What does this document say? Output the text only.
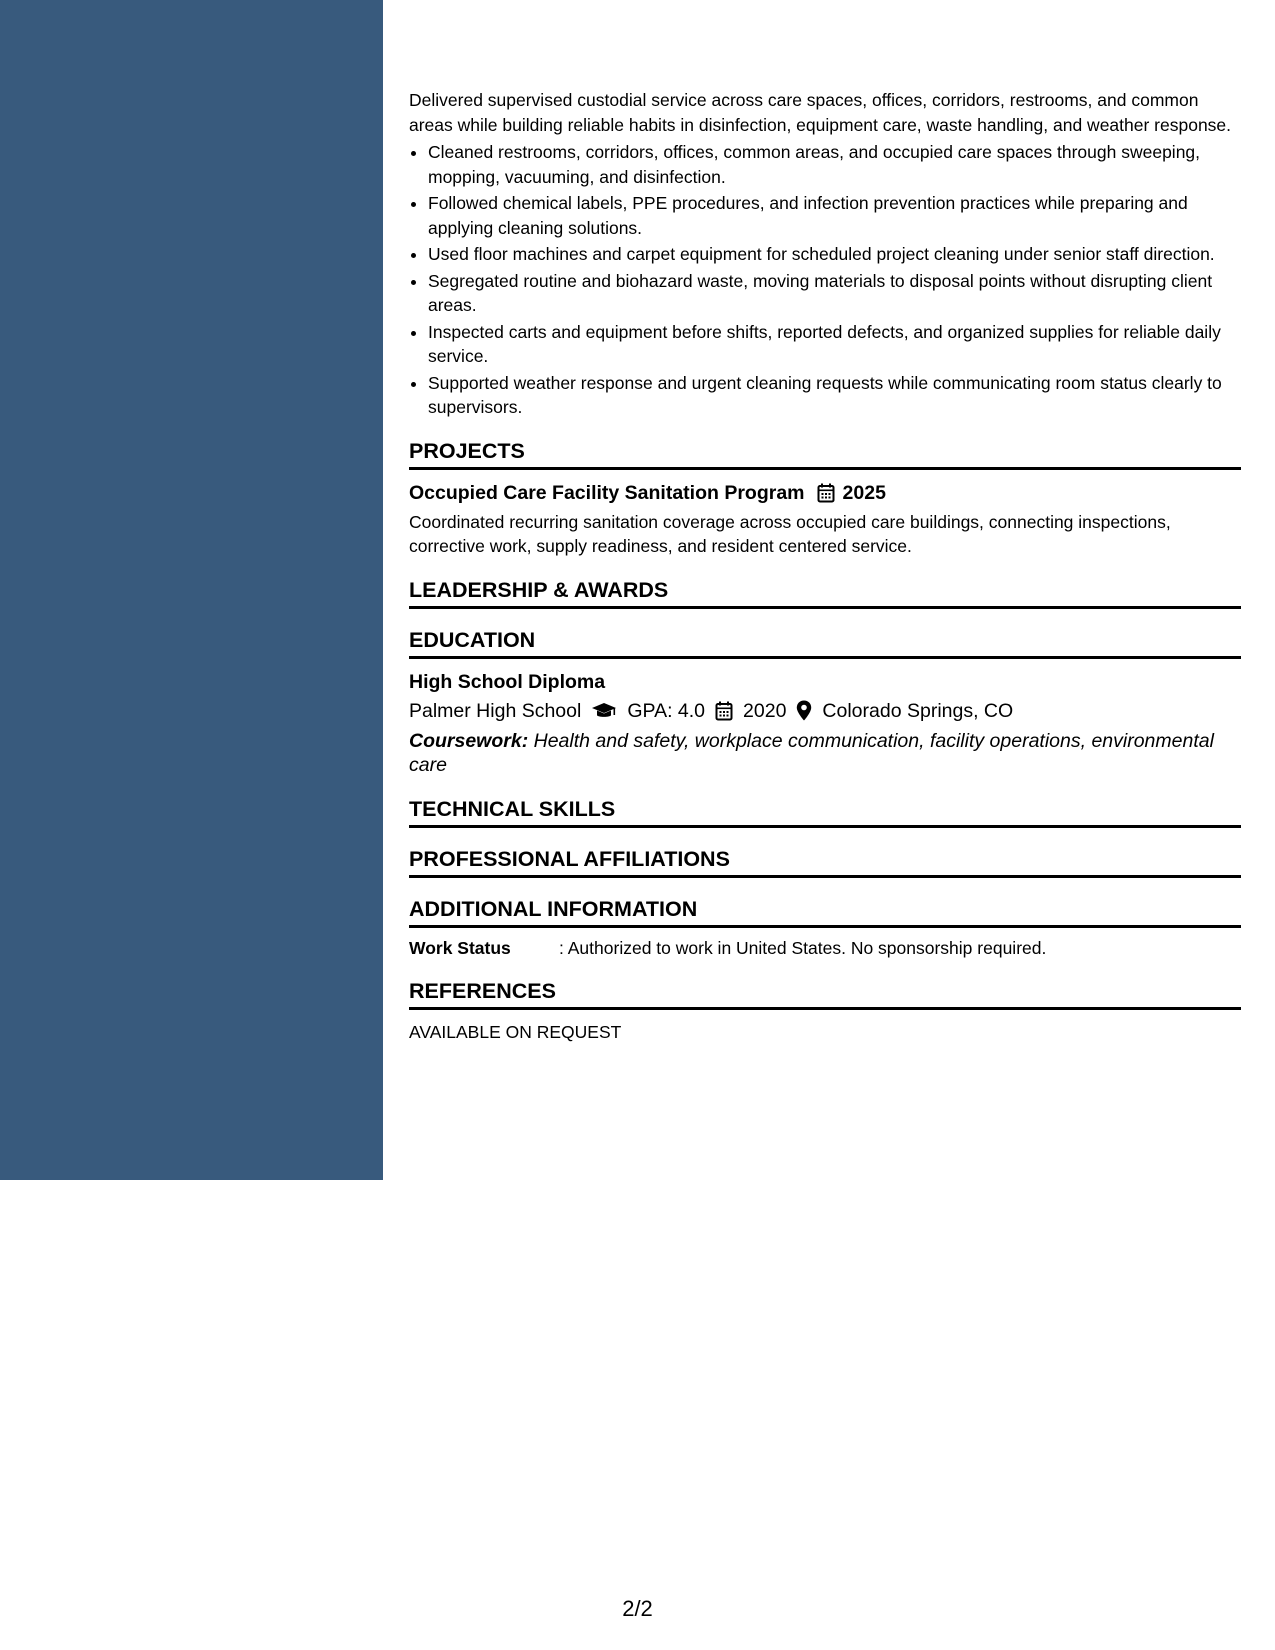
Delivered supervised custodial service across care spaces, offices, corridors, restrooms, and common areas while building reliable habits in disinfection, equipment care, waste handling, and weather response.

• Cleaned restrooms, corridors, offices, common areas, and occupied care spaces through sweeping, mopping, vacuuming, and disinfection.
• Followed chemical labels, PPE procedures, and infection prevention practices while preparing and applying cleaning solutions.
• Used floor machines and carpet equipment for scheduled project cleaning under senior staff direction.
• Segregated routine and biohazard waste, moving materials to disposal points without disrupting client areas.
• Inspected carts and equipment before shifts, reported defects, and organized supplies for reliable daily service.
• Supported weather response and urgent cleaning requests while communicating room status clearly to supervisors.
PROJECTS
Occupied Care Facility Sanitation Program 2025
Coordinated recurring sanitation coverage across occupied care buildings, connecting inspections, corrective work, supply readiness, and resident centered service.
LEADERSHIP & AWARDS
EDUCATION
High School Diploma
Palmer High School GPA: 4.0 2020 Colorado Springs, CO
Coursework: Health and safety, workplace communication, facility operations, environmental care
TECHNICAL SKILLS
PROFESSIONAL AFFILIATIONS
ADDITIONAL INFORMATION
Work Status	: Authorized to work in United States. No sponsorship required.
REFERENCES
AVAILABLE ON REQUEST
2/2
